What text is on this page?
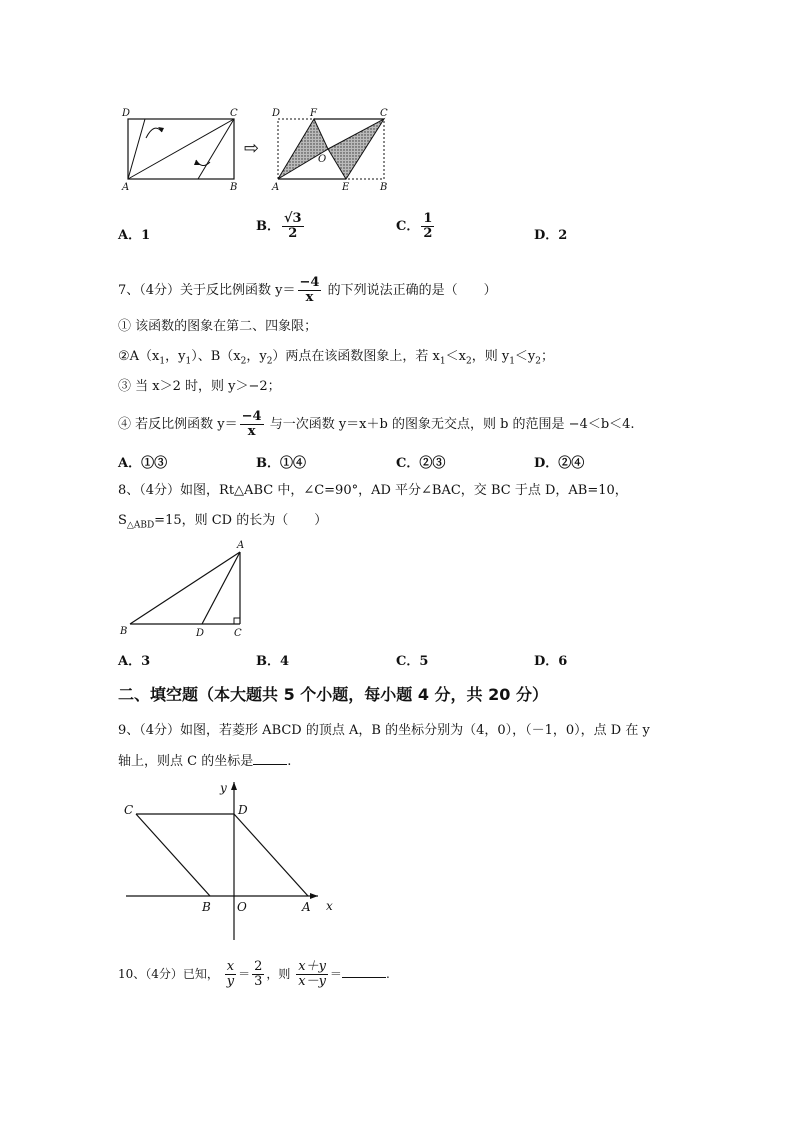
D	C
A	B
⇨
D	F	C
O
A	E	B
A．1
B． $\frac{√3}{2}$	C． $\frac{1}{2}$	D．2
7、（4分）关于反比例函数 $y= \frac{-4}{x}$ 的下列说法正确的是（　　）
① 该函数的图象在第二、四象限；
$②A(x_1$，$y_1$）、$B(x_2$，$y_2$）两点在该函数图象上，若 $x_1<x_2$，则 $y_1<y_2$；
③ 当 x＞2 时，则 y＞−2；
④ 若反比例函数 $y= \frac{-4}{x}$ 与一次函数 y＝x＋b 的图象无交点，则 b 的范围是 −4＜b＜4.
A．①③	B．①④	C．②③	D．②④
8、（4分）如图，Rt△ABC 中，∠C=90°，AD 平分∠BAC，交 BC 于点 D，AB=10，
$S_{\triangle ABD}=15$，则 CD 的长为（　　）
A
B	D	C
A．3	B．4	C．5	D．6
二、填空题（本大题共 5 个小题，每小题 4 分，共 20 分）
9、（4分）如图，若菱形 ABCD 的顶点 A，B 的坐标分别为（4，0），（－1，0），点 D 在 y
轴上，则点 C 的坐标是	.
y
x
C	D
B O	A
10、（4分）已知， $\frac{x}{y} = \frac{2}{3}$ ，则 $\frac{x+y}{x-y}$ ＝	.
